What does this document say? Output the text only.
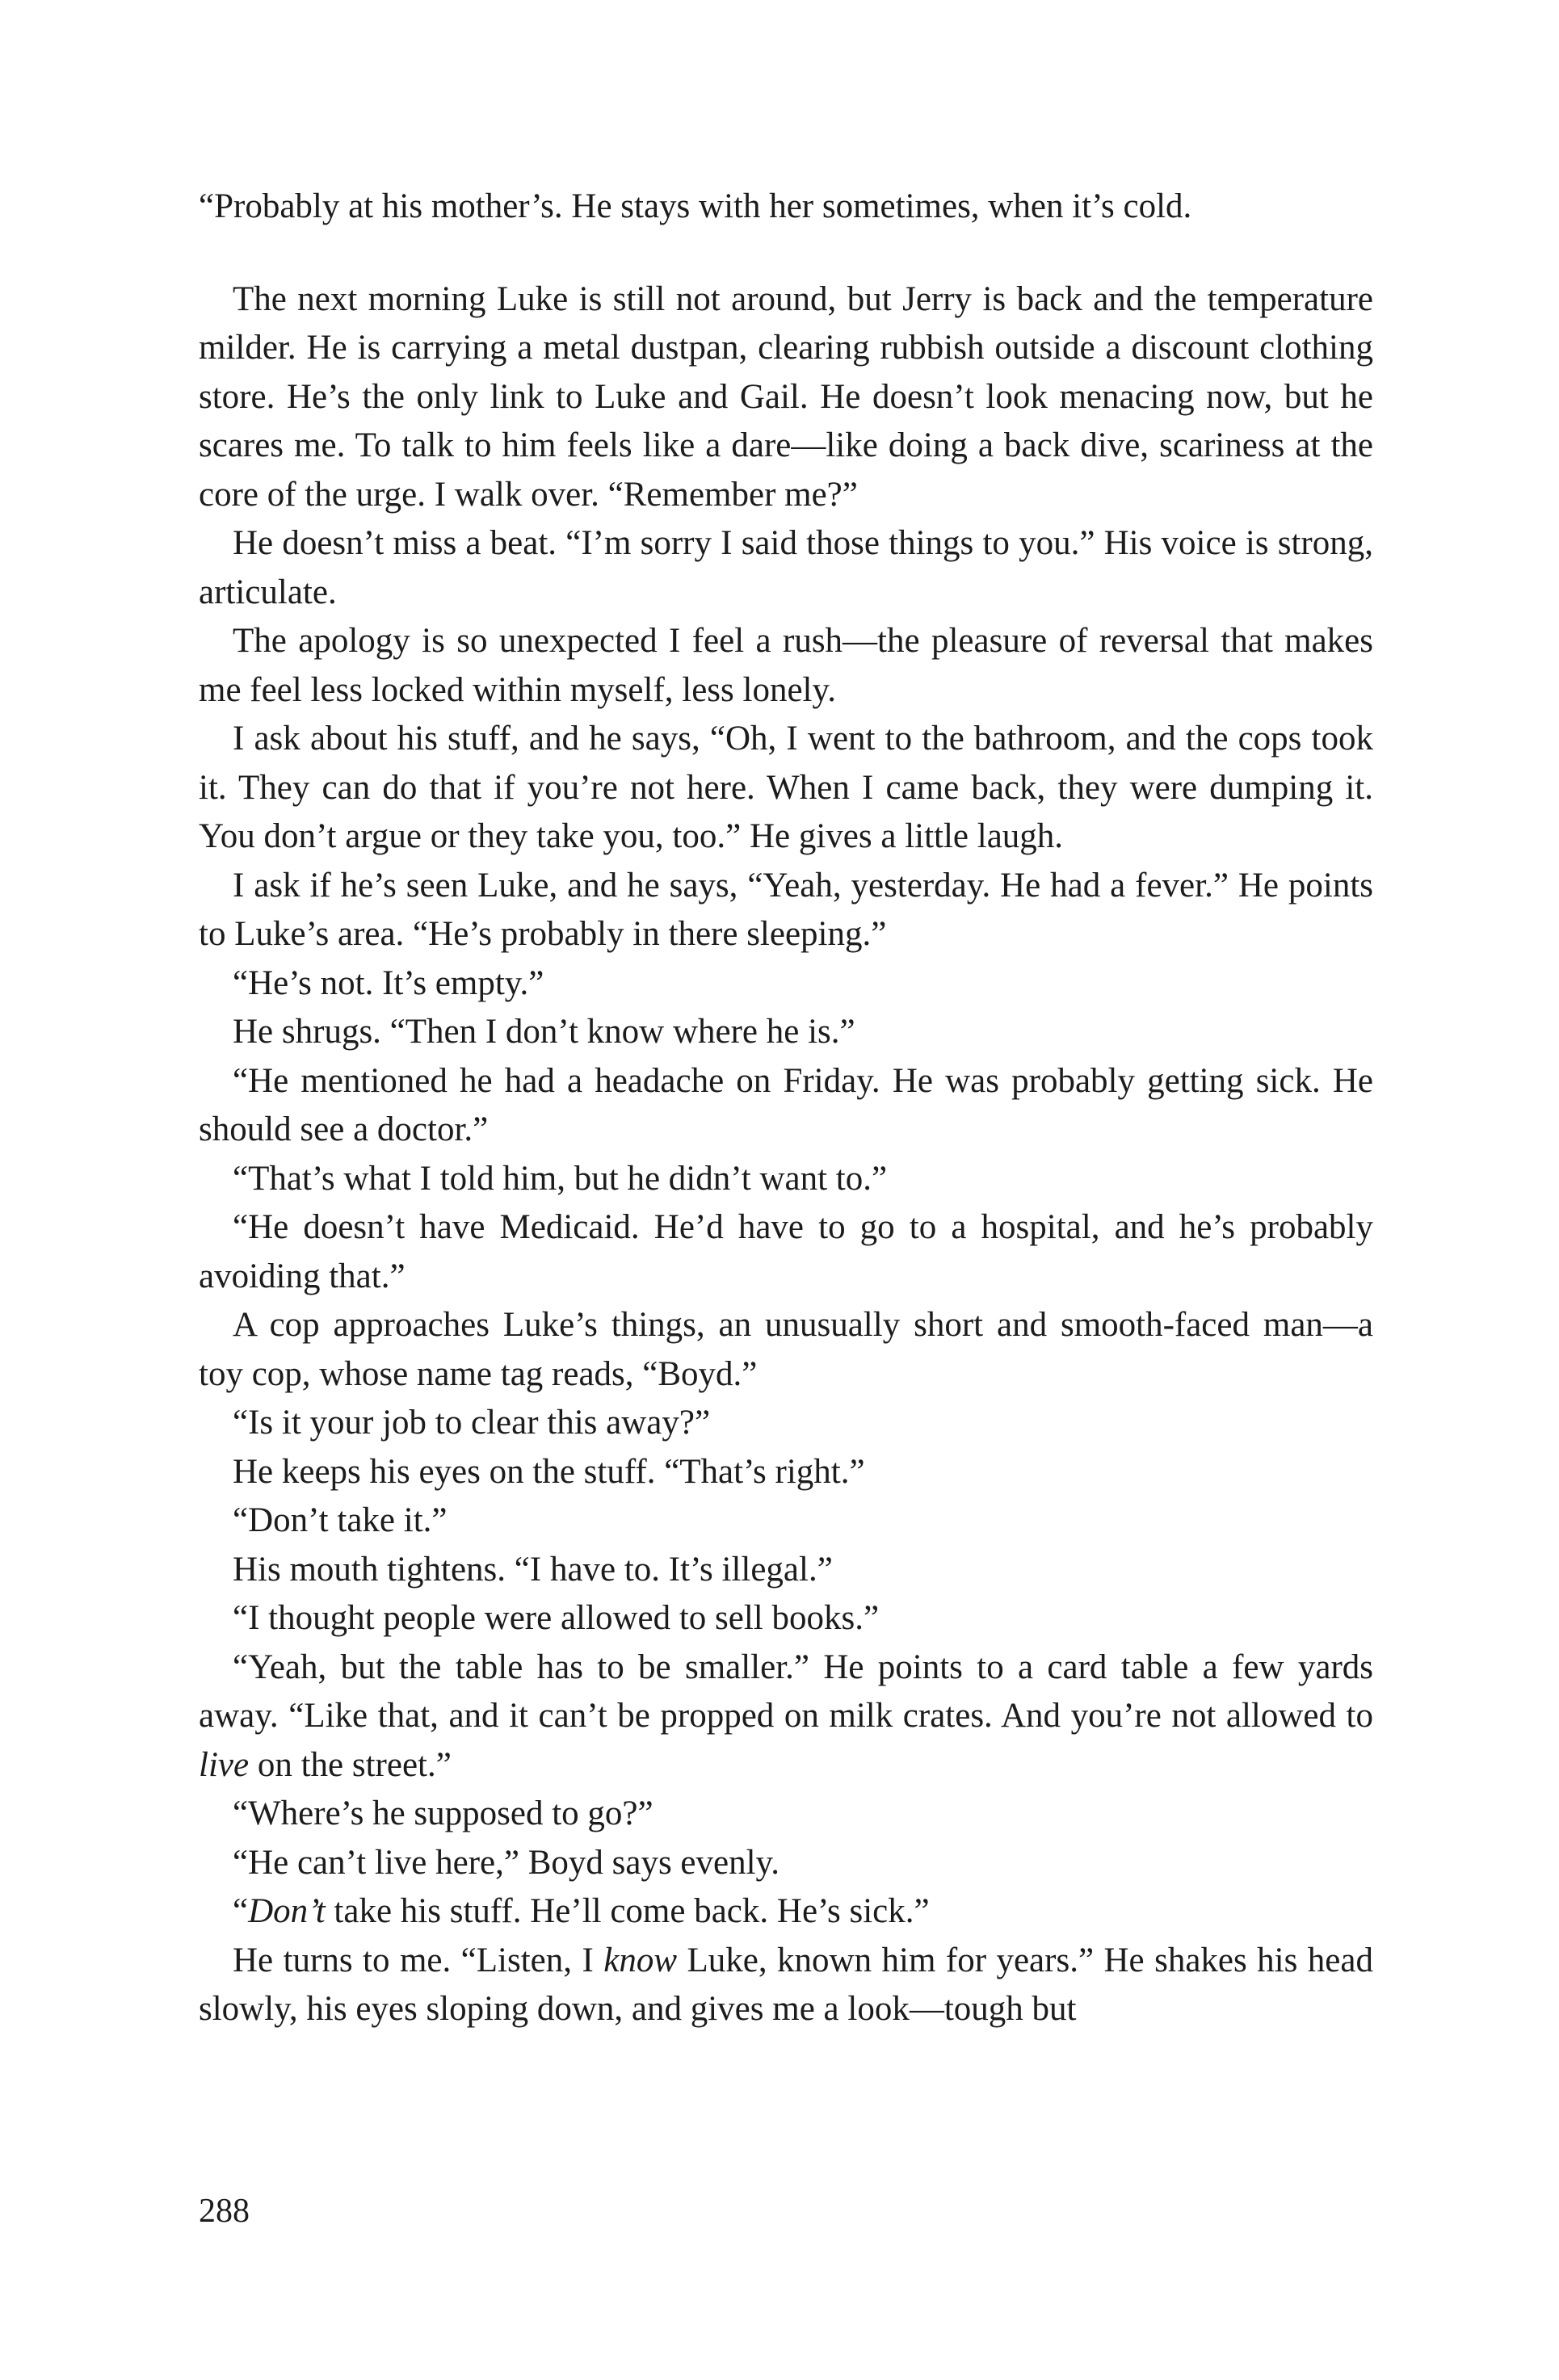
“Probably at his mother’s. He stays with her sometimes, when it’s cold.

The next morning Luke is still not around, but Jerry is back and the temperature milder. He is carrying a metal dustpan, clearing rubbish outside a discount clothing store. He’s the only link to Luke and Gail. He doesn’t look menacing now, but he scares me. To talk to him feels like a dare—like doing a back dive, scariness at the core of the urge. I walk over. “Remember me?”

He doesn’t miss a beat. “I’m sorry I said those things to you.” His voice is strong, articulate.

The apology is so unexpected I feel a rush—the pleasure of reversal that makes me feel less locked within myself, less lonely.

I ask about his stuff, and he says, “Oh, I went to the bathroom, and the cops took it. They can do that if you’re not here. When I came back, they were dumping it. You don’t argue or they take you, too.” He gives a little laugh.

I ask if he’s seen Luke, and he says, “Yeah, yesterday. He had a fever.” He points to Luke’s area. “He’s probably in there sleeping.”

“He’s not. It’s empty.”

He shrugs. “Then I don’t know where he is.”

“He mentioned he had a headache on Friday. He was probably getting sick. He should see a doctor.”

“That’s what I told him, but he didn’t want to.”

“He doesn’t have Medicaid. He’d have to go to a hospital, and he’s probably avoiding that.”

A cop approaches Luke’s things, an unusually short and smooth-faced man—a toy cop, whose name tag reads, “Boyd.”

“Is it your job to clear this away?”

He keeps his eyes on the stuff. “That’s right.”

“Don’t take it.”

His mouth tightens. “I have to. It’s illegal.”

“I thought people were allowed to sell books.”

“Yeah, but the table has to be smaller.” He points to a card table a few yards away. “Like that, and it can’t be propped on milk crates. And you’re not allowed to live on the street.”

“Where’s he supposed to go?”

“He can’t live here,” Boyd says evenly.

“Don’t take his stuff. He’ll come back. He’s sick.”

He turns to me. “Listen, I know Luke, known him for years.” He shakes his head slowly, his eyes sloping down, and gives me a look—tough but

288
